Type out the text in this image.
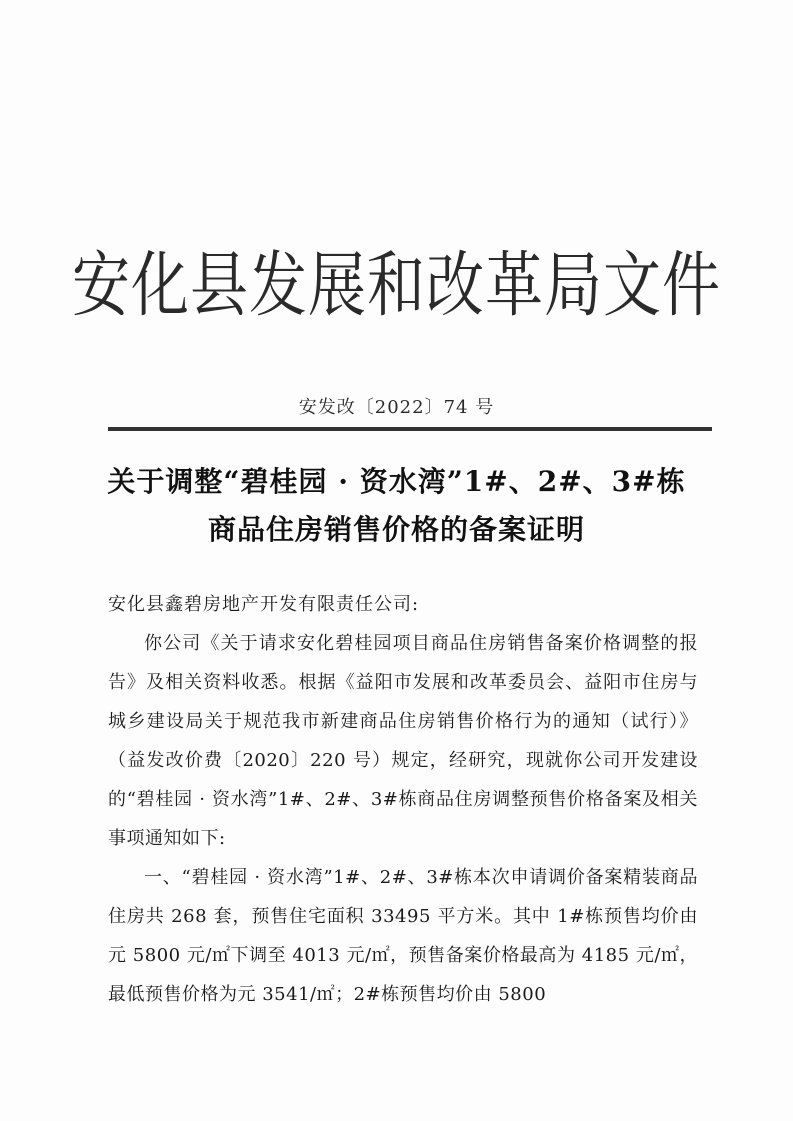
安化县发展和改革局文件
安发改〔2022〕74 号
关于调整“碧桂园 · 资水湾”1#、2#、3#栋
商品住房销售价格的备案证明
安化县鑫碧房地产开发有限责任公司:

你公司《关于请求安化碧桂园项目商品住房销售备案价格调整的报告》及相关资料收悉。根据《益阳市发展和改革委员会、益阳市住房与城乡建设局关于规范我市新建商品住房销售价格行为的通知（试行）》（益发改价费〔2020〕220 号）规定，经研究，现就你公司开发建设的“碧桂园 · 资水湾”1#、2#、3#栋商品住房调整预售价格备案及相关事项通知如下:

一、“碧桂园 · 资水湾”1#、2#、3#栋本次申请调价备案精装商品住房共 268 套，预售住宅面积 33495 平方米。其中 1#栋预售均价由元 5800 元/㎡下调至 4013 元/㎡，预售备案价格最高为 4185 元/㎡，最低预售价格为元 3541/㎡；2#栋预售均价由 5800
